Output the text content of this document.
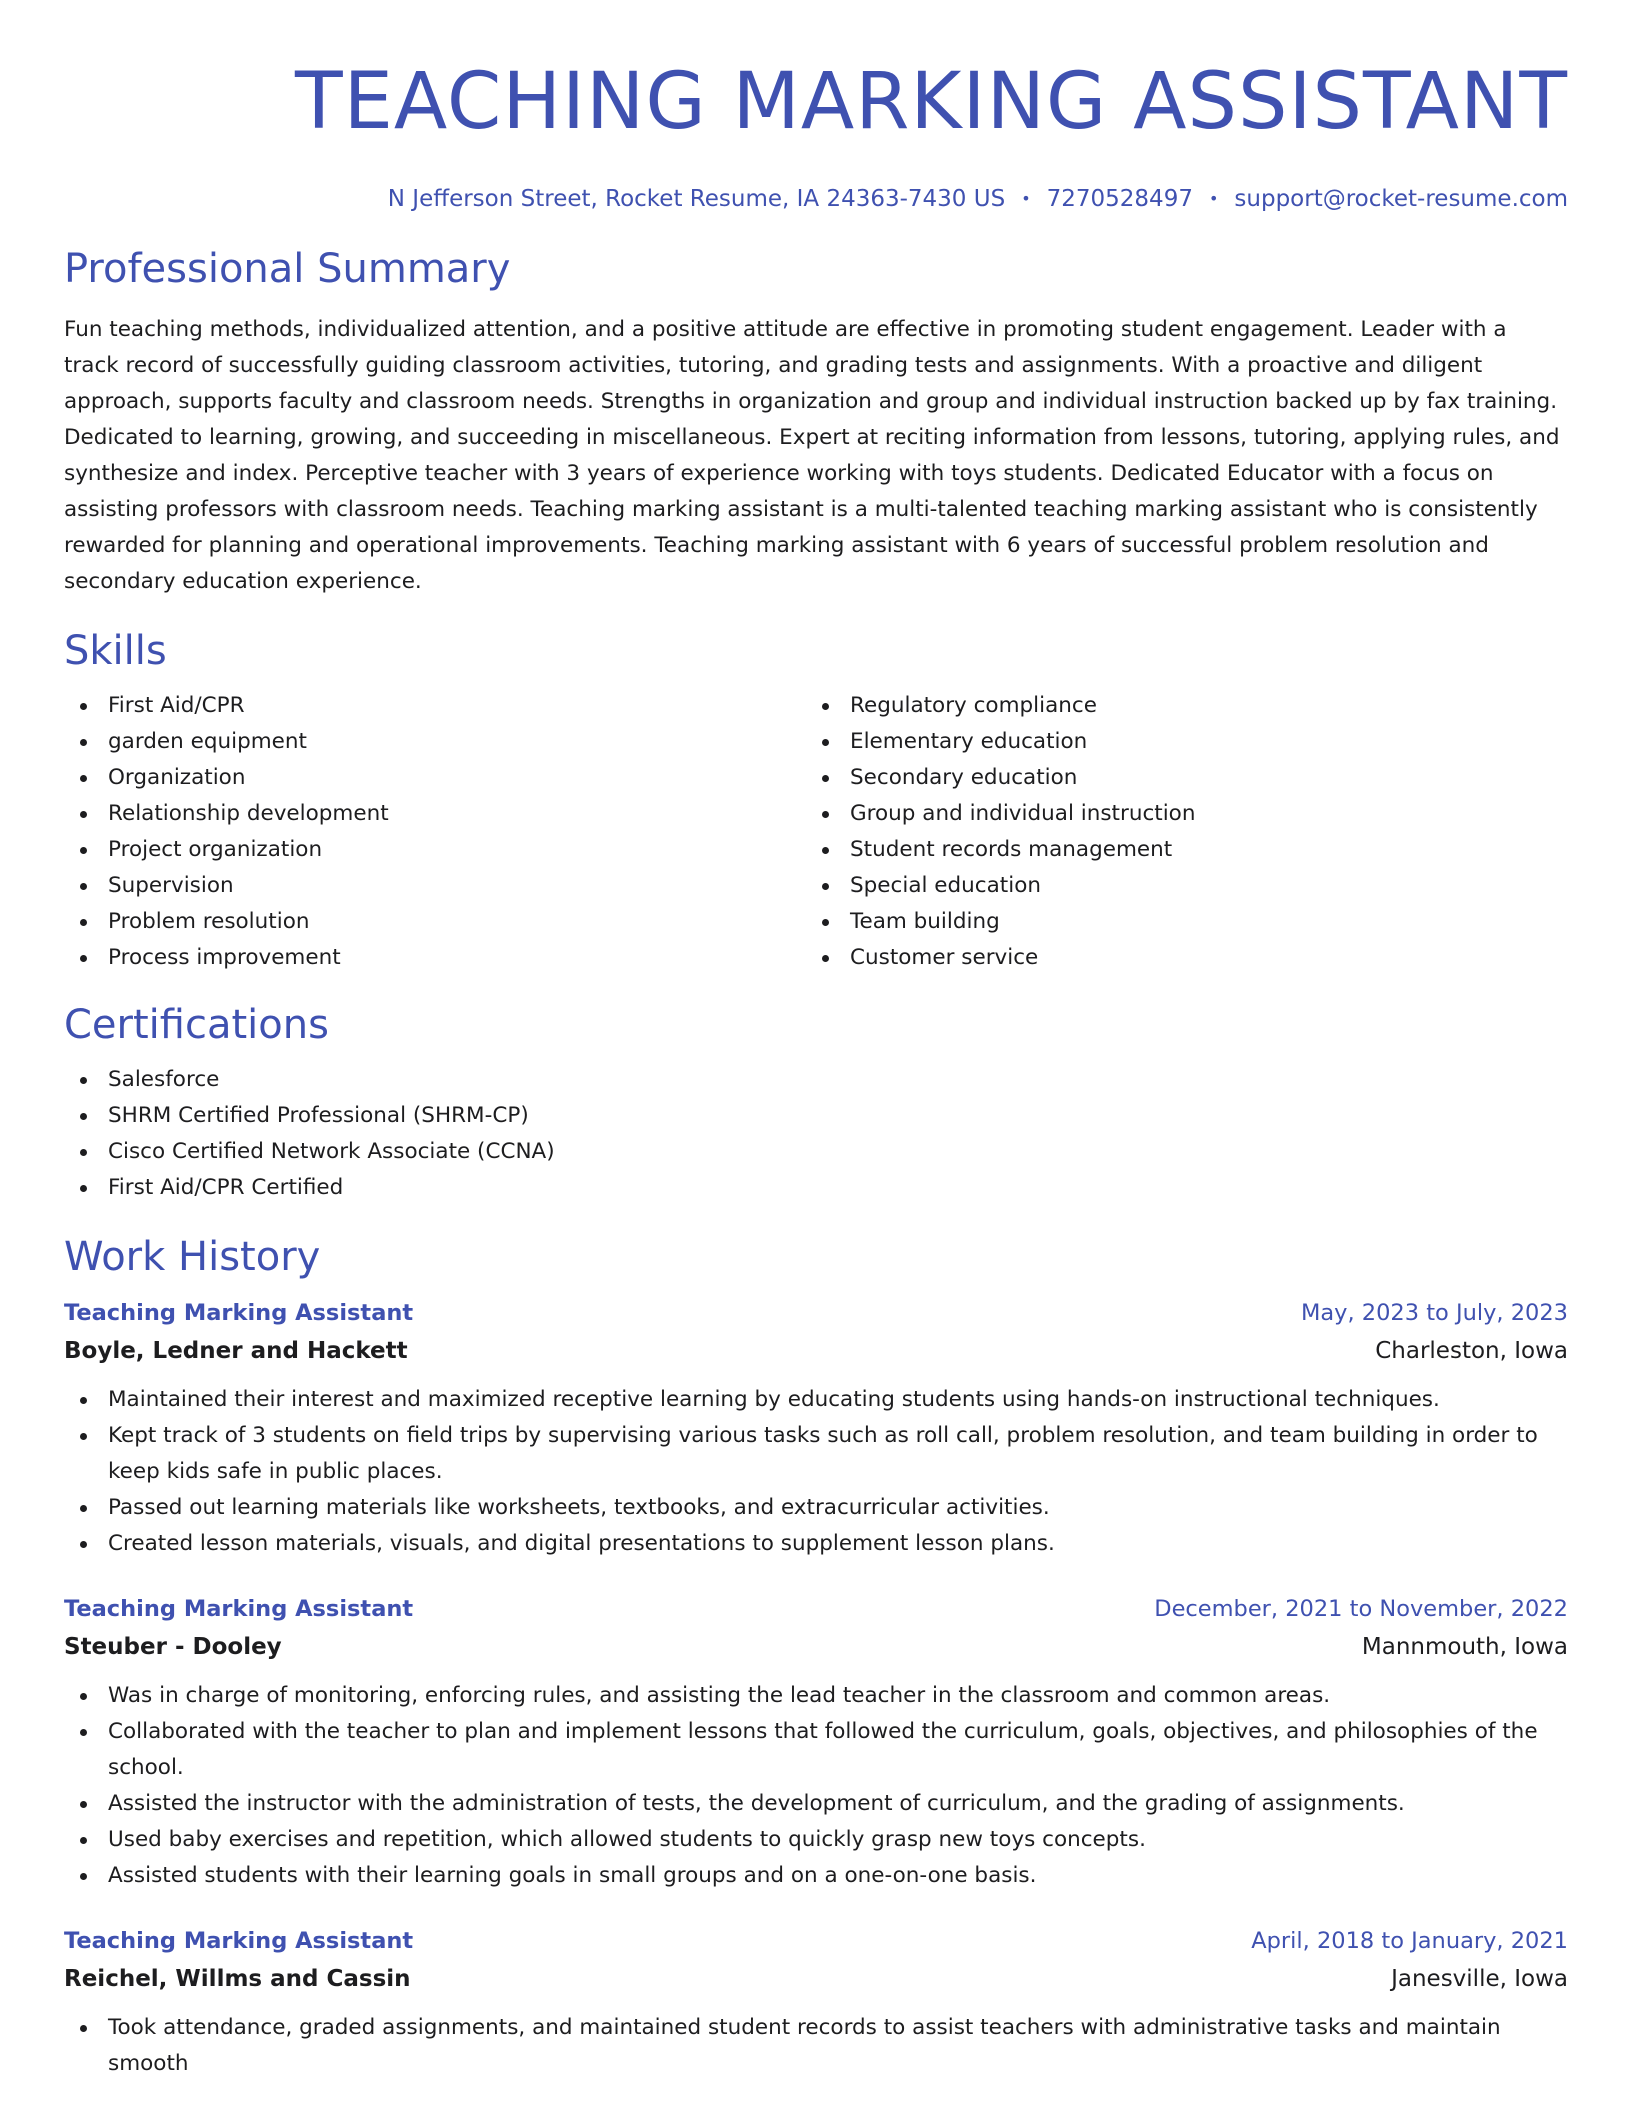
TEACHING MARKING ASSISTANT
N Jefferson Street, Rocket Resume, IA 24363-7430 US • 7270528497 • support@rocket-resume.com
Professional Summary

Fun teaching methods, individualized attention, and a positive attitude are effective in promoting student engagement. Leader with a track record of successfully guiding classroom activities, tutoring, and grading tests and assignments. With a proactive and diligent approach, supports faculty and classroom needs. Strengths in organization and group and individual instruction backed up by fax training. Dedicated to learning, growing, and succeeding in miscellaneous. Expert at reciting information from lessons, tutoring, applying rules, and synthesize and index. Perceptive teacher with 3 years of experience working with toys students. Dedicated Educator with a focus on assisting professors with classroom needs. Teaching marking assistant is a multi-talented teaching marking assistant who is consistently rewarded for planning and operational improvements. Teaching marking assistant with 6 years of successful problem resolution and secondary education experience.

Skills
First Aid/CPR
garden equipment
Organization
Relationship development
Project organization
Supervision
Problem resolution
Process improvement
Regulatory compliance
Elementary education
Secondary education
Group and individual instruction
Student records management
Special education
Team building
Customer service
Certifications
Salesforce
SHRM Certified Professional (SHRM-CP)
Cisco Certified Network Associate (CCNA)
First Aid/CPR Certified
Work History
Teaching Marking Assistant	May, 2023 to July, 2023
Boyle, Ledner and Hackett	Charleston, Iowa
Maintained their interest and maximized receptive learning by educating students using hands-on instructional techniques.
Kept track of 3 students on field trips by supervising various tasks such as roll call, problem resolution, and team building in order to keep kids safe in public places.
Passed out learning materials like worksheets, textbooks, and extracurricular activities.
Created lesson materials, visuals, and digital presentations to supplement lesson plans.
Teaching Marking Assistant	December, 2021 to November, 2022
Steuber - Dooley	Mannmouth, Iowa
Was in charge of monitoring, enforcing rules, and assisting the lead teacher in the classroom and common areas.
Collaborated with the teacher to plan and implement lessons that followed the curriculum, goals, objectives, and philosophies of the school.
Assisted the instructor with the administration of tests, the development of curriculum, and the grading of assignments.
Used baby exercises and repetition, which allowed students to quickly grasp new toys concepts.
Assisted students with their learning goals in small groups and on a one-on-one basis.
Teaching Marking Assistant	April, 2018 to January, 2021
Reichel, Willms and Cassin	Janesville, Iowa
Took attendance, graded assignments, and maintained student records to assist teachers with administrative tasks and maintain smooth
